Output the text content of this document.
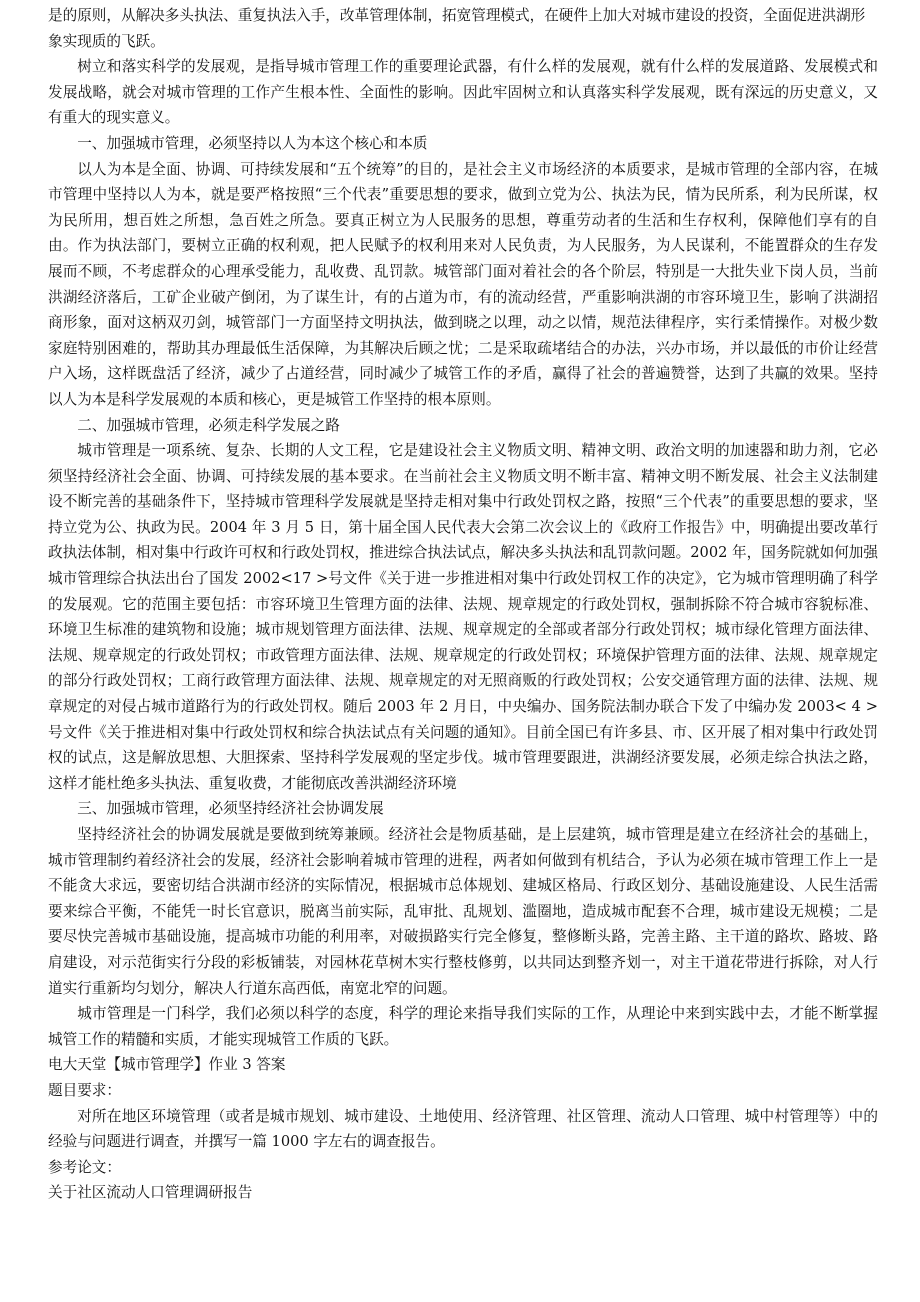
是的原则，从解决多头执法、重复执法入手，改革管理体制，拓宽管理模式，在硬件上加大对城市建设的投资，全面促进洪湖形象实现质的飞跃。

树立和落实科学的发展观，是指导城市管理工作的重要理论武器，有什么样的发展观，就有什么样的发展道路、发展模式和发展战略，就会对城市管理的工作产生根本性、全面性的影响。因此牢固树立和认真落实科学发展观，既有深远的历史意义，又有重大的现实意义。

一、加强城市管理，必须坚持以人为本这个核心和本质

以人为本是全面、协调、可持续发展和“五个统筹”的目的，是社会主义市场经济的本质要求，是城市管理的全部内容，在城市管理中坚持以人为本，就是要严格按照“三个代表”重要思想的要求，做到立党为公、执法为民，情为民所系，利为民所谋，权为民所用，想百姓之所想，急百姓之所急。要真正树立为人民服务的思想，尊重劳动者的生活和生存权利，保障他们享有的自由。作为执法部门，要树立正确的权利观，把人民赋予的权利用来对人民负责，为人民服务，为人民谋利，不能置群众的生存发展而不顾，不考虑群众的心理承受能力，乱收费、乱罚款。城管部门面对着社会的各个阶层，特别是一大批失业下岗人员，当前洪湖经济落后，工矿企业破产倒闭，为了谋生计，有的占道为市，有的流动经营，严重影响洪湖的市容环境卫生，影响了洪湖招商形象，面对这柄双刃剑，城管部门一方面坚持文明执法，做到晓之以理，动之以情，规范法律程序，实行柔情操作。对极少数家庭特别困难的，帮助其办理最低生活保障，为其解决后顾之忧；二是采取疏堵结合的办法，兴办市场，并以最低的市价让经营户入场，这样既盘活了经济，减少了占道经营，同时减少了城管工作的矛盾，赢得了社会的普遍赞誉，达到了共赢的效果。坚持以人为本是科学发展观的本质和核心，更是城管工作坚持的根本原则。

二、加强城市管理，必须走科学发展之路

城市管理是一项系统、复杂、长期的人文工程，它是建设社会主义物质文明、精神文明、政治文明的加速器和助力剂，它必须坚持经济社会全面、协调、可持续发展的基本要求。在当前社会主义物质文明不断丰富、精神文明不断发展、社会主义法制建设不断完善的基础条件下，坚持城市管理科学发展就是坚持走相对集中行政处罚权之路，按照“三个代表”的重要思想的要求，坚持立党为公、执政为民。2004 年 3 月 5 日，第十届全国人民代表大会第二次会议上的《政府工作报告》中，明确提出要改革行政执法体制，相对集中行政许可权和行政处罚权，推进综合执法试点，解决多头执法和乱罚款问题。2002 年，国务院就如何加强城市管理综合执法出台了国发 2002<17 >号文件《关于进一步推进相对集中行政处罚权工作的决定》，它为城市管理明确了科学的发展观。它的范围主要包括：市容环境卫生管理方面的法律、法规、规章规定的行政处罚权，强制拆除不符合城市容貌标准、环境卫生标准的建筑物和设施；城市规划管理方面法律、法规、规章规定的全部或者部分行政处罚权；城市绿化管理方面法律、法规、规章规定的行政处罚权；市政管理方面法律、法规、规章规定的行政处罚权；环境保护管理方面的法律、法规、规章规定的部分行政处罚权；工商行政管理方面法律、法规、规章规定的对无照商贩的行政处罚权；公安交通管理方面的法律、法规、规章规定的对侵占城市道路行为的行政处罚权。随后 2003 年 2 月日，中央编办、国务院法制办联合下发了中编办发 2003< 4 >号文件《关于推进相对集中行政处罚权和综合执法试点有关问题的通知》。目前全国已有许多县、市、区开展了相对集中行政处罚权的试点，这是解放思想、大胆探索、坚持科学发展观的坚定步伐。城市管理要跟进，洪湖经济要发展，必须走综合执法之路，这样才能杜绝多头执法、重复收费，才能彻底改善洪湖经济环境

三、加强城市管理，必须坚持经济社会协调发展

坚持经济社会的协调发展就是要做到统筹兼顾。经济社会是物质基础，是上层建筑，城市管理是建立在经济社会的基础上，城市管理制约着经济社会的发展，经济社会影响着城市管理的进程，两者如何做到有机结合，予认为必须在城市管理工作上一是不能贪大求远，要密切结合洪湖市经济的实际情况，根据城市总体规划、建城区格局、行政区划分、基础设施建设、人民生活需要来综合平衡，不能凭一时长官意识，脱离当前实际，乱审批、乱规划、滥圈地，造成城市配套不合理，城市建设无规模；二是要尽快完善城市基础设施，提高城市功能的利用率，对破损路实行完全修复，整修断头路，完善主路、主干道的路坎、路坡、路肩建设，对示范街实行分段的彩板铺装，对园林花草树木实行整枝修剪，以共同达到整齐划一，对主干道花带进行拆除，对人行道实行重新均匀划分，解决人行道东高西低，南宽北窄的问题。

城市管理是一门科学，我们必须以科学的态度，科学的理论来指导我们实际的工作，从理论中来到实践中去，才能不断掌握城管工作的精髓和实质，才能实现城管工作质的飞跃。

电大天堂【城市管理学】作业 3 答案

题目要求：

对所在地区环境管理（或者是城市规划、城市建设、土地使用、经济管理、社区管理、流动人口管理、城中村管理等）中的经验与问题进行调查，并撰写一篇 1000 字左右的调查报告。

参考论文：

关于社区流动人口管理调研报告
